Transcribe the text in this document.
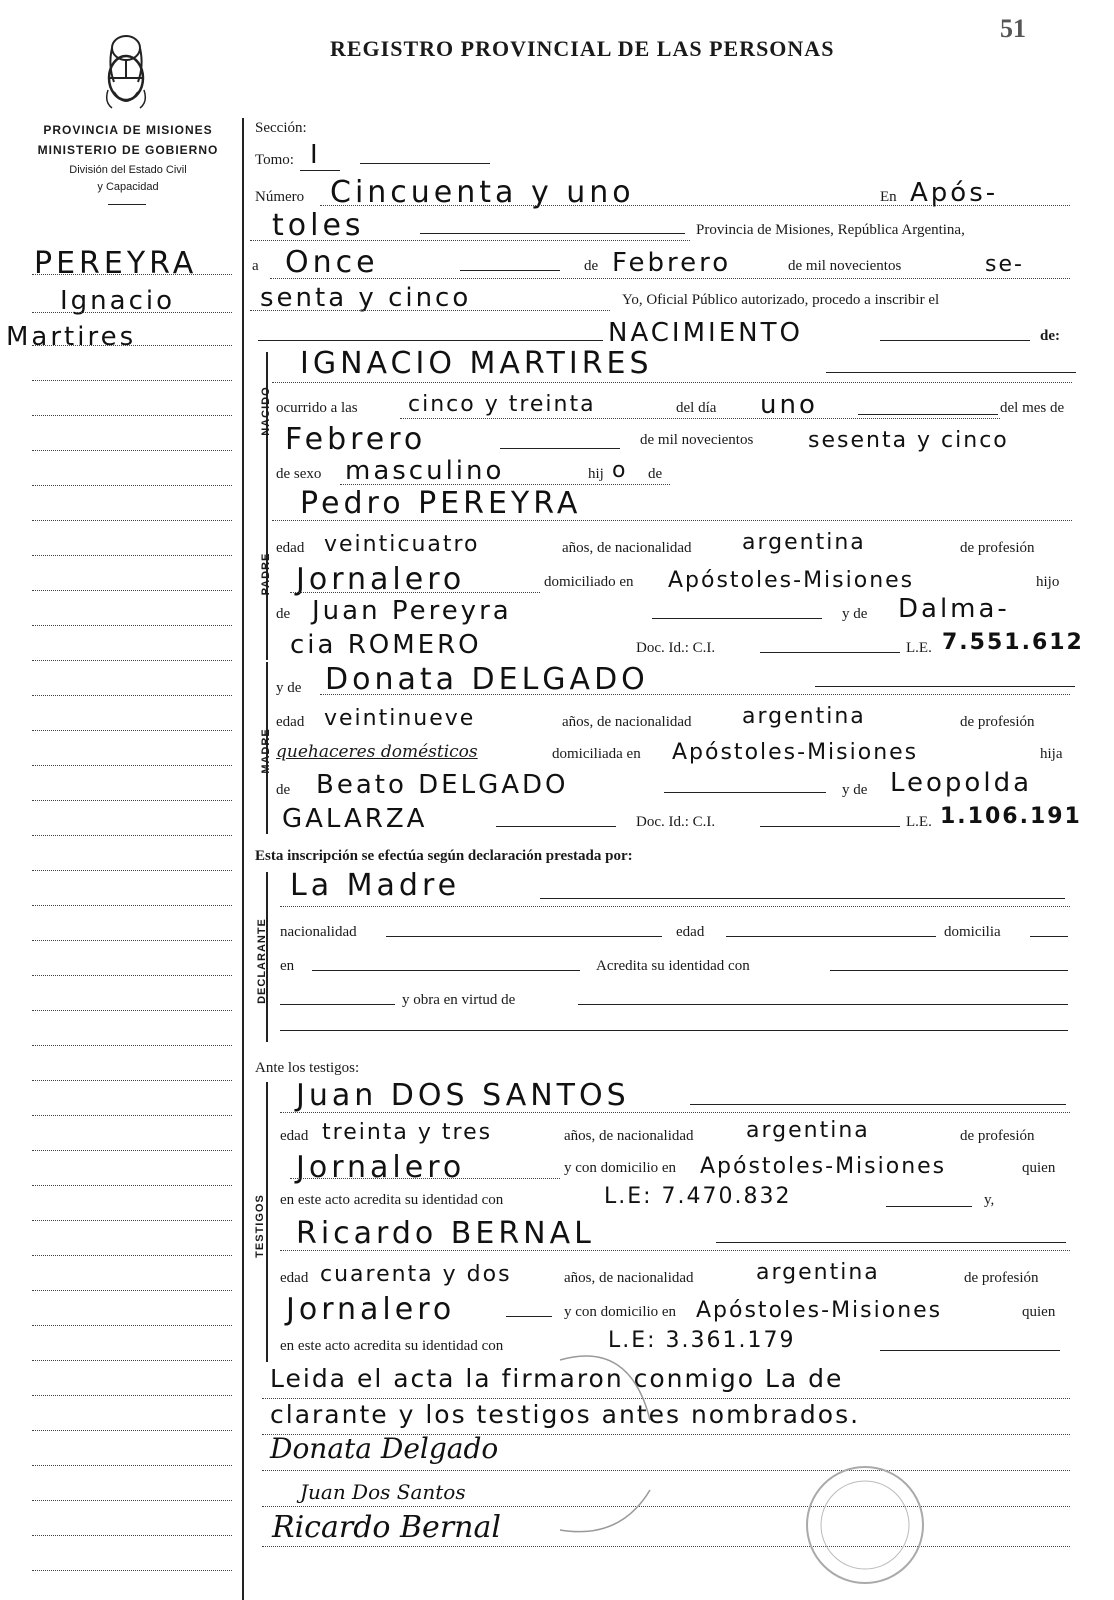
REGISTRO PROVINCIAL DE LAS PERSONAS
51
PROVINCIA DE MISIONES
MINISTERIO DE GOBIERNO
División del Estado Civil
y Capacidad
PEREYRA
Ignacio
Martires
Sección:
Tomo: I
Número Cincuenta y uno	En Após-
toles	Provincia de Misiones, República Argentina,
a Once	de Febrero	de mil novecientos	se-
senta y cinco	Yo, Oficial Público autorizado, procedo a inscribir el
NACIMIENTO	de:
NACIDO
IGNACIO MARTIRES
ocurrido a las cinco y treinta	del día uno	del mes de
Febrero	de mil novecientos sesenta y cinco
de sexo masculino	hij o de
PADRE
Pedro PEREYRA
edad veinticuatro	años, de nacionalidad argentina	de profesión
Jornalero	domiciliado en Apóstoles-Misiones	hijo
de Juan Pereyra	y de Dalma-
cia ROMERO	Doc. Id.: C.I.	L.E. 7.551.612
MADRE
y de Donata DELGADO
edad veintinueve	años, de nacionalidad argentina	de profesión
quehaceres domésticos	domiciliada en Apóstoles-Misiones	hija
de Beato DELGADO	y de Leopolda
GALARZA	Doc. Id.: C.I.	L.E. 1.106.191
Esta inscripción se efectúa según declaración prestada por:
DECLARANTE
La Madre
nacionalidad	edad	domicilia
en	Acredita su identidad con
y obra en virtud de
Ante los testigos:
TESTIGOS
Juan DOS SANTOS
edad treinta y tres	años, de nacionalidad argentina	de profesión
Jornalero	y con domicilio en Apóstoles-Misiones	quien
en este acto acredita su identidad con	L.E: 7.470.832	y,
Ricardo BERNAL
edad cuarenta y dos	años, de nacionalidad	argentina	de profesión
Jornalero	y con domicilio en Apóstoles-Misiones	quien
en este acto acredita su identidad con	L.E: 3.361.179
Leida el acta la firmaron conmigo La de
clarante y los testigos antes nombrados.
Donata Delgado
Juan Dos Santos
Ricardo Bernal
